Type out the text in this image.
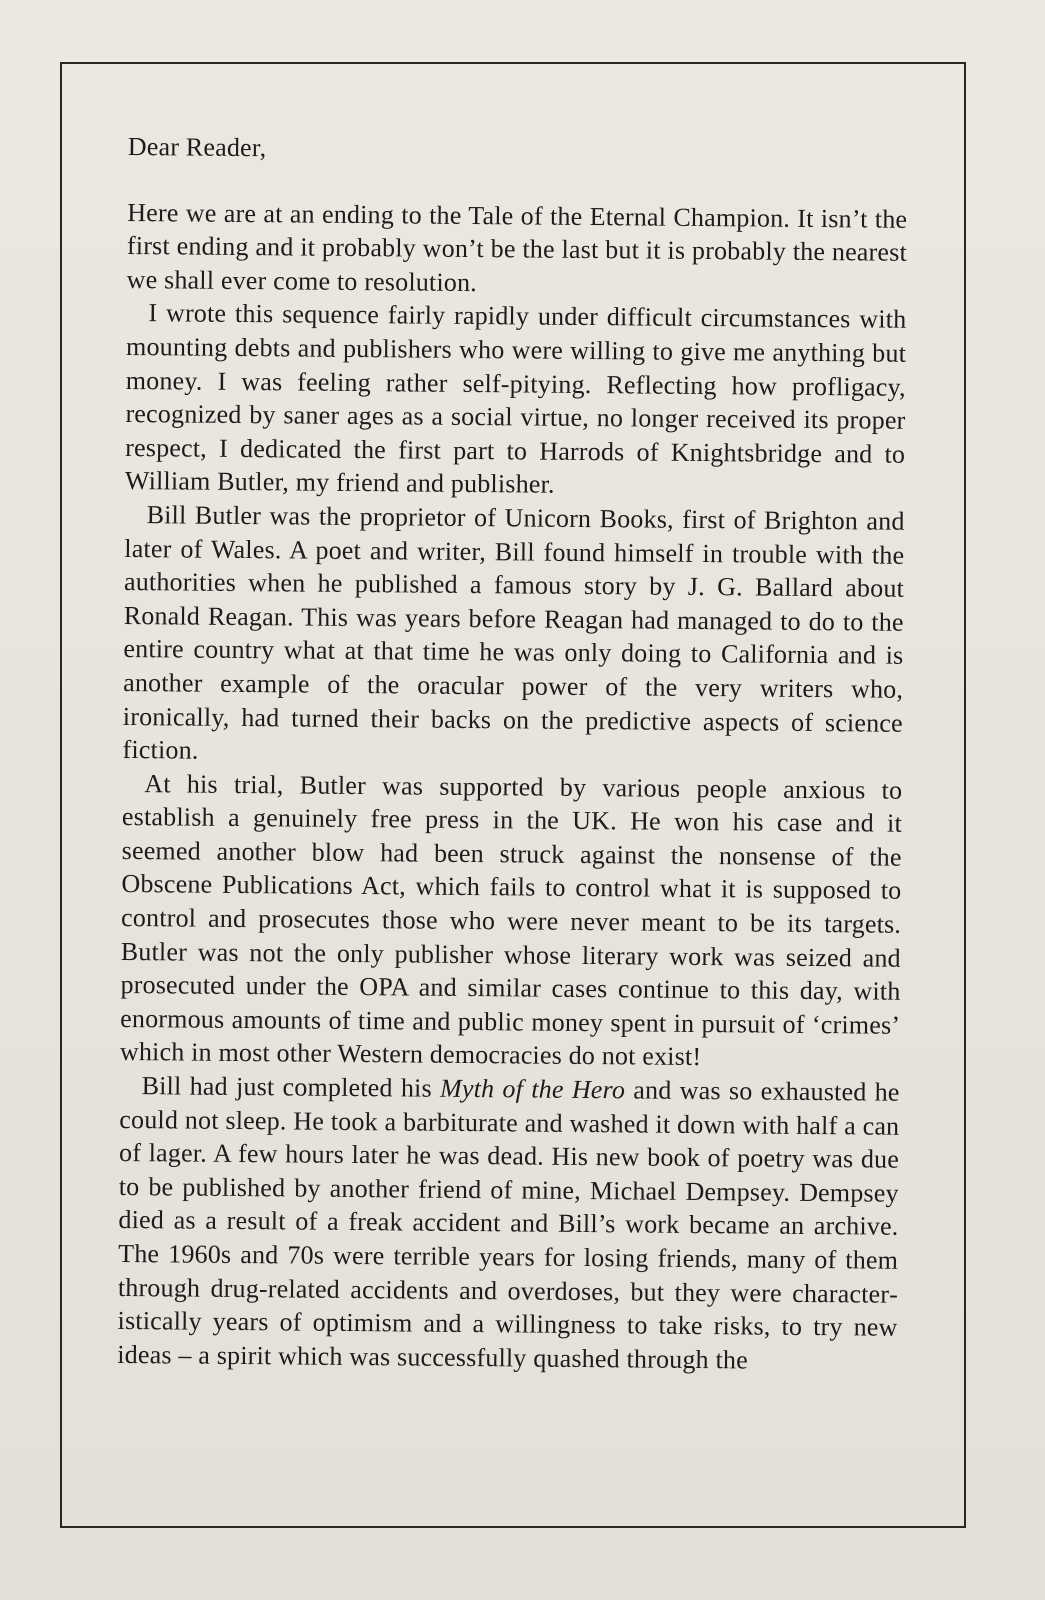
Dear Reader,

Here we are at an ending to the Tale of the Eternal Champion. It isn’t the first ending and it probably won’t be the last but it is probably the nearest we shall ever come to resolution.

I wrote this sequence fairly rapidly under difficult circumstances with mounting debts and publishers who were willing to give me anything but money. I was feeling rather self-pitying. Reflecting how profligacy, recognized by saner ages as a social virtue, no longer received its proper respect, I dedicated the first part to Harrods of Knightsbridge and to William Butler, my friend and publisher.

Bill Butler was the proprietor of Unicorn Books, first of Brighton and later of Wales. A poet and writer, Bill found himself in trouble with the authorities when he published a famous story by J. G. Ballard about Ronald Reagan. This was years before Reagan had managed to do to the entire country what at that time he was only doing to California and is another example of the oracular power of the very writers who, ironically, had turned their backs on the predictive aspects of science fiction.

At his trial, Butler was supported by various people anxious to establish a genuinely free press in the UK. He won his case and it seemed another blow had been struck against the nonsense of the Obscene Publications Act, which fails to control what it is supposed to control and prosecutes those who were never meant to be its targets. Butler was not the only publisher whose literary work was seized and prosecuted under the OPA and similar cases continue to this day, with enormous amounts of time and public money spent in pursuit of ‘crimes’ which in most other Western democracies do not exist!

Bill had just completed his Myth of the Hero and was so exhausted he could not sleep. He took a barbiturate and washed it down with half a can of lager. A few hours later he was dead. His new book of poetry was due to be published by another friend of mine, Michael Dempsey. Dempsey died as a result of a freak accident and Bill’s work became an archive. The 1960s and 70s were terrible years for losing friends, many of them through drug-related accidents and overdoses, but they were characteristically years of optimism and a willingness to take risks, to try new ideas – a spirit which was successfully quashed through the
